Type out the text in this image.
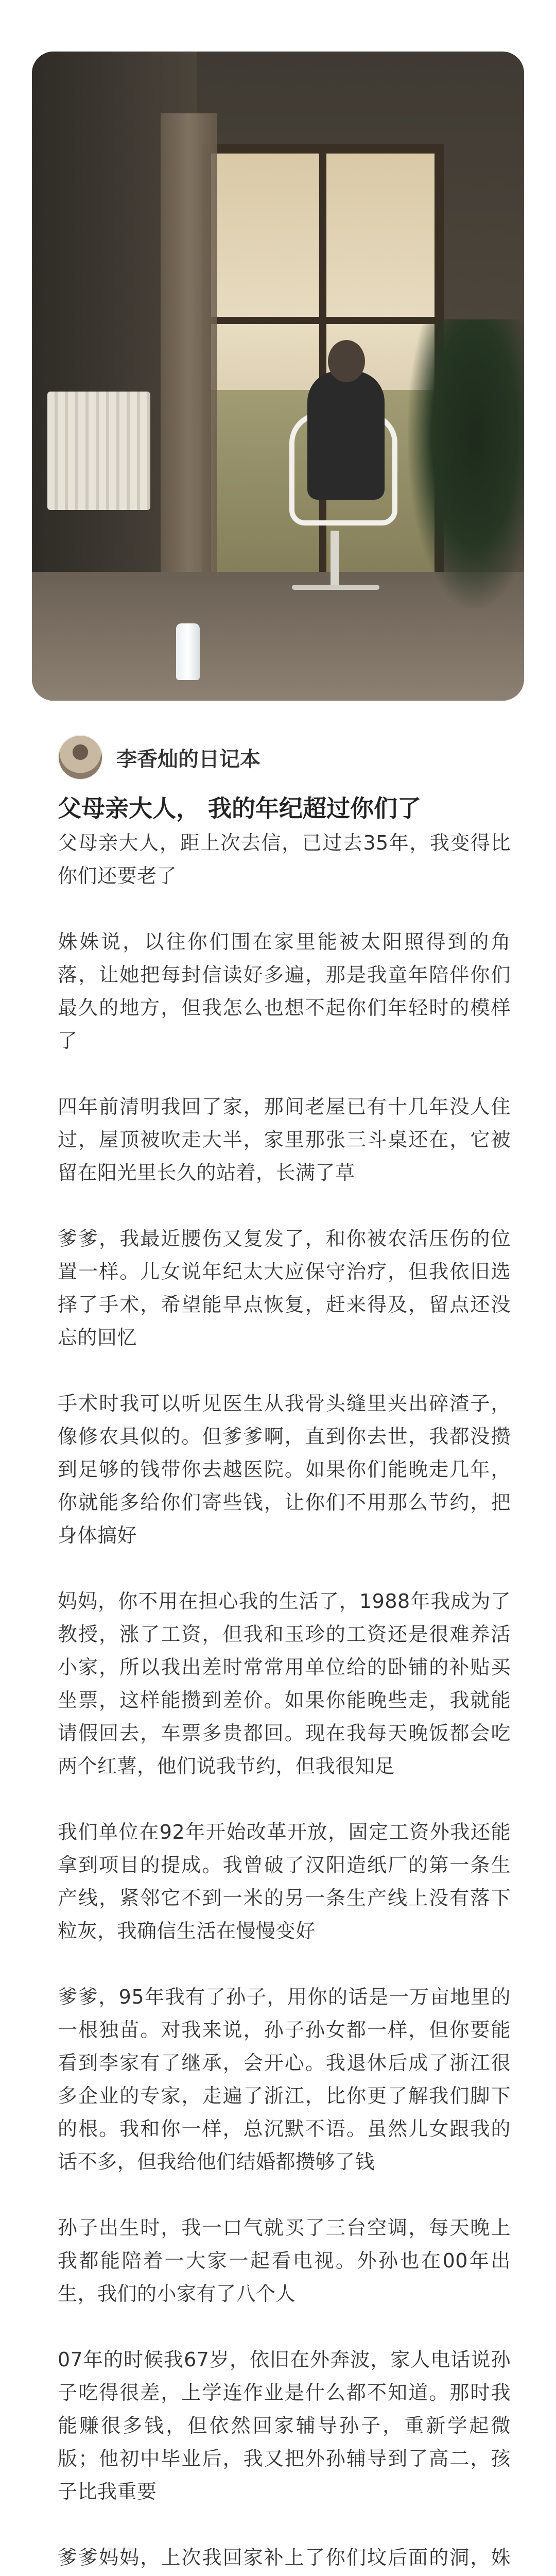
李香灿的日记本
父母亲大人， 我的年纪超过你们了

父母亲大人，距上次去信，已过去35年，我变得比你们还要老了

姝姝说，以往你们围在家里能被太阳照得到的角落，让她把每封信读好多遍，那是我童年陪伴你们最久的地方，但我怎么也想不起你们年轻时的模样了

四年前清明我回了家，那间老屋已有十几年没人住过，屋顶被吹走大半，家里那张三斗桌还在，它被留在阳光里长久的站着，长满了草

爹爹，我最近腰伤又复发了，和你被农活压伤的位置一样。儿女说年纪太大应保守治疗，但我依旧选择了手术，希望能早点恢复，赶来得及，留点还没忘的回忆

手术时我可以听见医生从我骨头缝里夹出碎渣子，像修农具似的。但爹爹啊，直到你去世，我都没攒到足够的钱带你去越医院。如果你们能晚走几年，你就能多给你们寄些钱，让你们不用那么节约，把身体搞好

妈妈，你不用在担心我的生活了，1988年我成为了教授，涨了工资，但我和玉珍的工资还是很难养活小家，所以我出差时常常用单位给的卧铺的补贴买坐票，这样能攒到差价。如果你能晚些走，我就能请假回去，车票多贵都回。现在我每天晚饭都会吃两个红薯，他们说我节约，但我很知足

我们单位在92年开始改革开放，固定工资外我还能拿到项目的提成。我曾破了汉阳造纸厂的第一条生产线，紧邻它不到一米的另一条生产线上没有落下粒灰，我确信生活在慢慢变好

爹爹，95年我有了孙子，用你的话是一万亩地里的一根独苗。对我来说，孙子孙女都一样，但你要能看到李家有了继承，会开心。我退休后成了浙江很多企业的专家，走遍了浙江，比你更了解我们脚下的根。我和你一样，总沉默不语。虽然儿女跟我的话不多，但我给他们结婚都攒够了钱

孙子出生时，我一口气就买了三台空调，每天晚上我都能陪着一大家一起看电视。外孙也在00年出生，我们的小家有了八个人

07年的时候我67岁，依旧在外奔波，家人电话说孙子吃得很差，上学连作业是什么都不知道。那时我能赚很多钱，但依然回家辅导孙子，重新学起微版；他初中毕业后，我又把外孙辅导到了高二，孩子比我重要

爹爹妈妈，上次我回家补上了你们坟后面的洞，姝
